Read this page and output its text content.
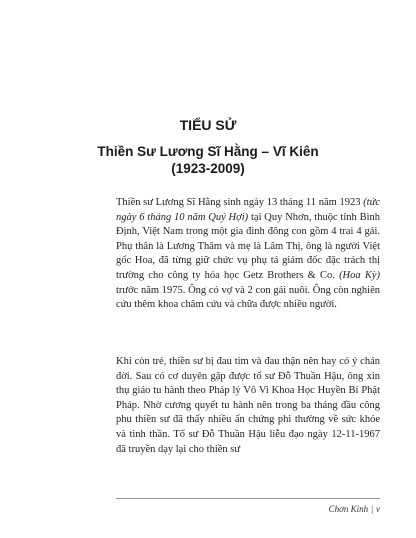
TIỂU SỬ
Thiền Sư Lương Sĩ Hằng – Vĩ Kiên
(1923-2009)

Thiền sư Lương Sĩ Hằng sinh ngày 13 tháng 11 năm 1923 (tức ngày 6 tháng 10 năm Quý Hợi) tại Quy Nhơn, thuộc tỉnh Bình Định, Việt Nam trong một gia đình đông con gồm 4 trai 4 gái. Phụ thân là Lương Thâm và mẹ là Lâm Thị, ông là người Việt gốc Hoa, đã từng giữ chức vụ phụ tá giám đốc đặc trách thị trường cho công ty hóa học Getz Brothers & Co. (Hoa Kỳ) trước năm 1975. Ông có vợ và 2 con gái nuôi. Ông còn nghiên cứu thêm khoa châm cứu và chữa được nhiều người.

Khi còn trẻ, thiền sư bị đau tim và đau thận nên hay có ý chán đời. Sau có cơ duyên gặp được tổ sư Đỗ Thuần Hậu, ông xin thụ giáo tu hành theo Pháp lý Vô Vi Khoa Học Huyền Bí Phật Pháp. Nhờ cương quyết tu hành nên trong ba tháng đầu công phu thiền sư đã thấy nhiều ấn chứng phi thường về sức khỏe và tinh thần. Tổ sư Đỗ Thuần Hậu liễu đạo ngày 12-11-1967 đã truyền dạy lại cho thiền sư

Chơn Kinh | v
